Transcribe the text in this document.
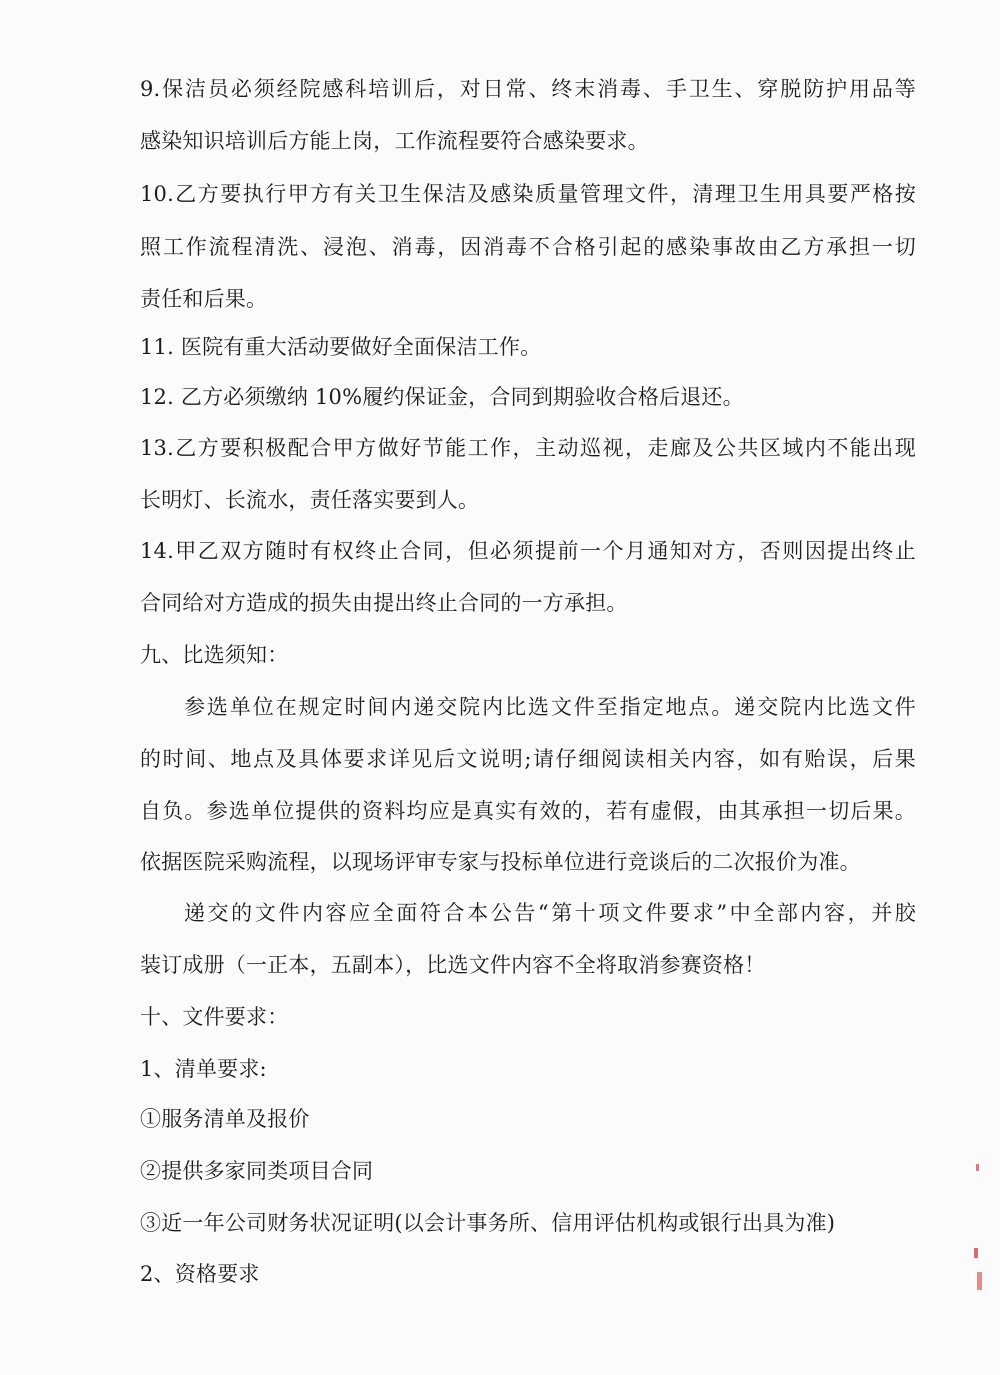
9.保洁员必须经院感科培训后，对日常、终末消毒、手卫生、穿脱防护用品等

感染知识培训后方能上岗，工作流程要符合感染要求。

10.乙方要执行甲方有关卫生保洁及感染质量管理文件，清理卫生用具要严格按

照工作流程清洗、浸泡、消毒，因消毒不合格引起的感染事故由乙方承担一切

责任和后果。

11. 医院有重大活动要做好全面保洁工作。

12. 乙方必须缴纳 10%履约保证金，合同到期验收合格后退还。

13.乙方要积极配合甲方做好节能工作，主动巡视，走廊及公共区域内不能出现

长明灯、长流水，责任落实要到人。

14.甲乙双方随时有权终止合同，但必须提前一个月通知对方，否则因提出终止

合同给对方造成的损失由提出终止合同的一方承担。

九、比选须知：

参选单位在规定时间内递交院内比选文件至指定地点。递交院内比选文件

的时间、地点及具体要求详见后文说明;请仔细阅读相关内容，如有贻误，后果

自负。参选单位提供的资料均应是真实有效的，若有虚假，由其承担一切后果。

依据医院采购流程，以现场评审专家与投标单位进行竞谈后的二次报价为准。

递交的文件内容应全面符合本公告“第十项文件要求”中全部内容，并胶

装订成册（一正本，五副本），比选文件内容不全将取消参赛资格！

十、文件要求：

1、清单要求:

①服务清单及报价

②提供多家同类项目合同

③近一年公司财务状况证明(以会计事务所、信用评估机构或银行出具为准)

2、资格要求
